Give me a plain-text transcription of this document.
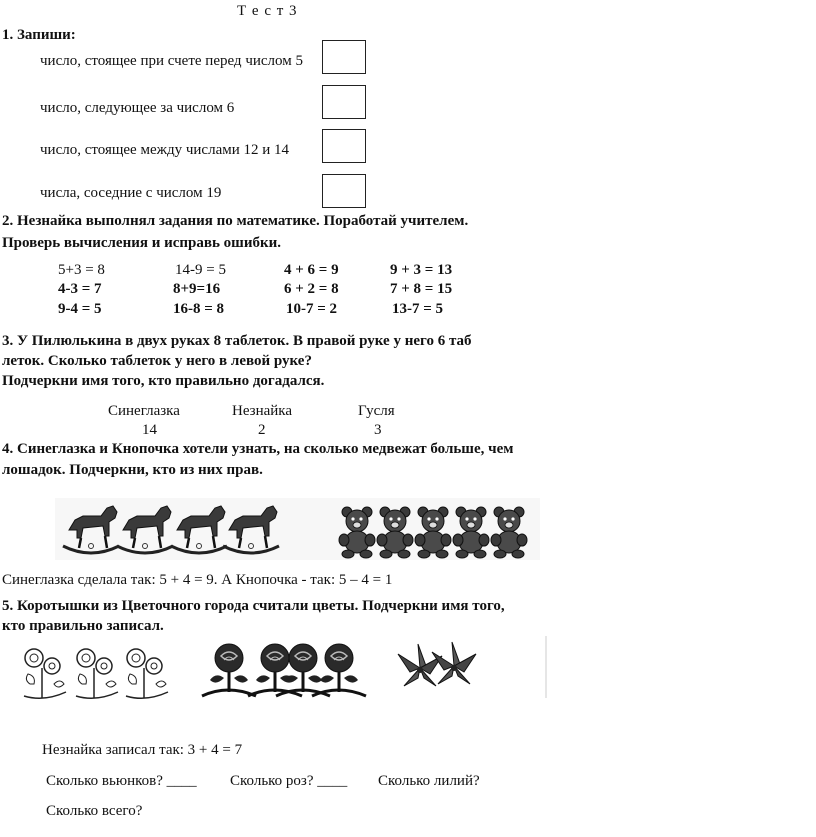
Т е с т 3
1. Запиши:
число, стоящее при счете перед числом 5
число, следующее за числом 6
число, стоящее между числами 12 и 14
числа, соседние с числом 19
2. Незнайка выполнял задания по математике. Поработай учителем.
Проверь вычисления и исправь ошибки.
5+3 = 8	14-9 = 5	4 + 6 = 9	9 + 3 = 13
4-3 = 7	8+9=16	6 + 2 = 8	7 + 8 = 15
9-4 = 5	16-8 = 8	10-7 = 2	13-7 = 5
3. У Пилюлькина в двух руках 8 таблеток. В правой руке у него 6 таб
леток. Сколько таблеток у него в левой руке?
Подчеркни имя того, кто правильно догадался.
Синеглазка	Незнайка	Гусля
14	2	3
4. Синеглазка и Кнопочка хотели узнать, на сколько медвежат больше, чем
лошадок. Подчеркни, кто из них прав.
Синеглазка сделала так: 5 + 4 = 9. А Кнопочка - так: 5 – 4 = 1
5. Коротышки из Цветочного города считали цветы. Подчеркни имя того,
кто правильно записал.
Незнайка записал так: 3 + 4 = 7
Сколько вьюнков? ____ Сколько роз? ____ Сколько лилий?
Сколько всего?
